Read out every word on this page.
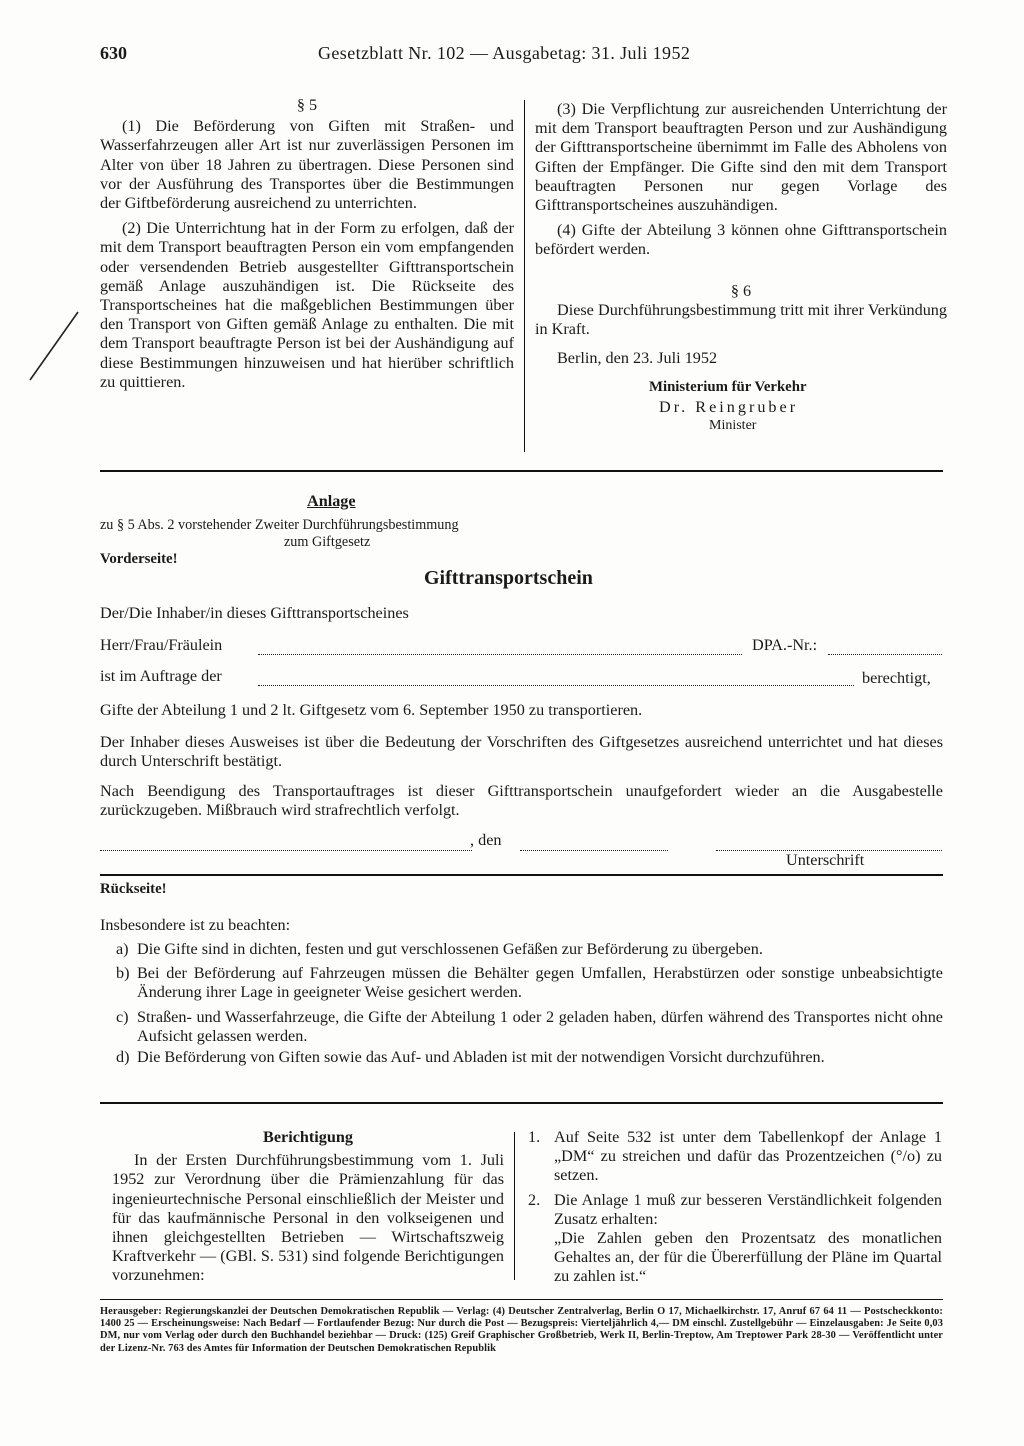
630	Gesetzblatt Nr. 102 — Ausgabetag: 31. Juli 1952

§ 5

(1) Die Beförderung von Giften mit Straßen- und Wasserfahrzeugen aller Art ist nur zuverlässigen Personen im Alter von über 18 Jahren zu übertragen. Diese Personen sind vor der Ausführung des Transportes über die Bestimmungen der Giftbeförderung ausreichend zu unterrichten.

(2) Die Unterrichtung hat in der Form zu erfolgen, daß der mit dem Transport beauftragten Person ein vom empfangenden oder versendenden Betrieb ausgestellter Gifttransportschein gemäß Anlage auszuhändigen ist. Die Rückseite des Transportscheines hat die maßgeblichen Bestimmungen über den Transport von Giften gemäß Anlage zu enthalten. Die mit dem Transport beauftragte Person ist bei der Aushändigung auf diese Bestimmungen hinzuweisen und hat hierüber schriftlich zu quittieren.

(3) Die Verpflichtung zur ausreichenden Unterrichtung der mit dem Transport beauftragten Person und zur Aushändigung der Gifttransportscheine übernimmt im Falle des Abholens von Giften der Empfänger. Die Gifte sind den mit dem Transport beauftragten Personen nur gegen Vorlage des Gifttransportscheines auszuhändigen.

(4) Gifte der Abteilung 3 können ohne Gifttransportschein befördert werden.

§ 6

Diese Durchführungsbestimmung tritt mit ihrer Verkündung in Kraft.

Berlin, den 23. Juli 1952

Ministerium für Verkehr

Dr. Reingruber

Minister

Anlage
zu § 5 Abs. 2 vorstehender Zweiter Durchführungsbestimmung
zum Giftgesetz
Vorderseite!
Gifttransportschein
Der/Die Inhaber/in dieses Gifttransportscheines
Herr/Frau/Fräulein	DPA.-Nr.:
ist im Auftrage der	berechtigt,
Gifte der Abteilung 1 und 2 lt. Giftgesetz vom 6. September 1950 zu transportieren.
Der Inhaber dieses Ausweises ist über die Bedeutung der Vorschriften des Giftgesetzes ausreichend unterrichtet und hat dieses durch Unterschrift bestätigt.
Nach Beendigung des Transportauftrages ist dieser Gifttransportschein unaufgefordert wieder an die Ausgabestelle zurückzugeben. Mißbrauch wird strafrechtlich verfolgt.
, den
Unterschrift
Rückseite!
Insbesondere ist zu beachten:
a) Die Gifte sind in dichten, festen und gut verschlossenen Gefäßen zur Beförderung zu übergeben.
b) Bei der Beförderung auf Fahrzeugen müssen die Behälter gegen Umfallen, Herabstürzen oder sonstige unbeabsichtigte Änderung ihrer Lage in geeigneter Weise gesichert werden.
c) Straßen- und Wasserfahrzeuge, die Gifte der Abteilung 1 oder 2 geladen haben, dürfen während des Transportes nicht ohne Aufsicht gelassen werden.
d) Die Beförderung von Giften sowie das Auf- und Abladen ist mit der notwendigen Vorsicht durchzuführen.

Berichtigung

In der Ersten Durchführungsbestimmung vom 1. Juli 1952 zur Verordnung über die Prämienzahlung für das ingenieurtechnische Personal einschließlich der Meister und für das kaufmännische Personal in den volkseigenen und ihnen gleichgestellten Betrieben — Wirtschaftszweig Kraftverkehr — (GBl. S. 531) sind folgende Berichtigungen vorzunehmen:

1. Auf Seite 532 ist unter dem Tabellenkopf der Anlage 1 „DM“ zu streichen und dafür das Prozentzeichen (°/o) zu setzen.
2. Die Anlage 1 muß zur besseren Verständlichkeit folgenden Zusatz erhalten:
„Die Zahlen geben den Prozentsatz des monatlichen Gehaltes an, der für die Übererfüllung der Pläne im Quartal zu zahlen ist.“
Herausgeber: Regierungskanzlei der Deutschen Demokratischen Republik — Verlag: (4) Deutscher Zentralverlag, Berlin O 17, Michaelkirchstr. 17, Anruf 67 64 11 — Postscheckkonto: 1400 25 — Erscheinungsweise: Nach Bedarf — Fortlaufender Bezug: Nur durch die Post — Bezugspreis: Vierteljährlich 4,— DM einschl. Zustellgebühr — Einzelausgaben: Je Seite 0,03 DM, nur vom Verlag oder durch den Buchhandel beziehbar — Druck: (125) Greif Graphischer Großbetrieb, Werk II, Berlin-Treptow, Am Treptower Park 28-30 — Veröffentlicht unter der Lizenz-Nr. 763 des Amtes für Information der Deutschen Demokratischen Republik
